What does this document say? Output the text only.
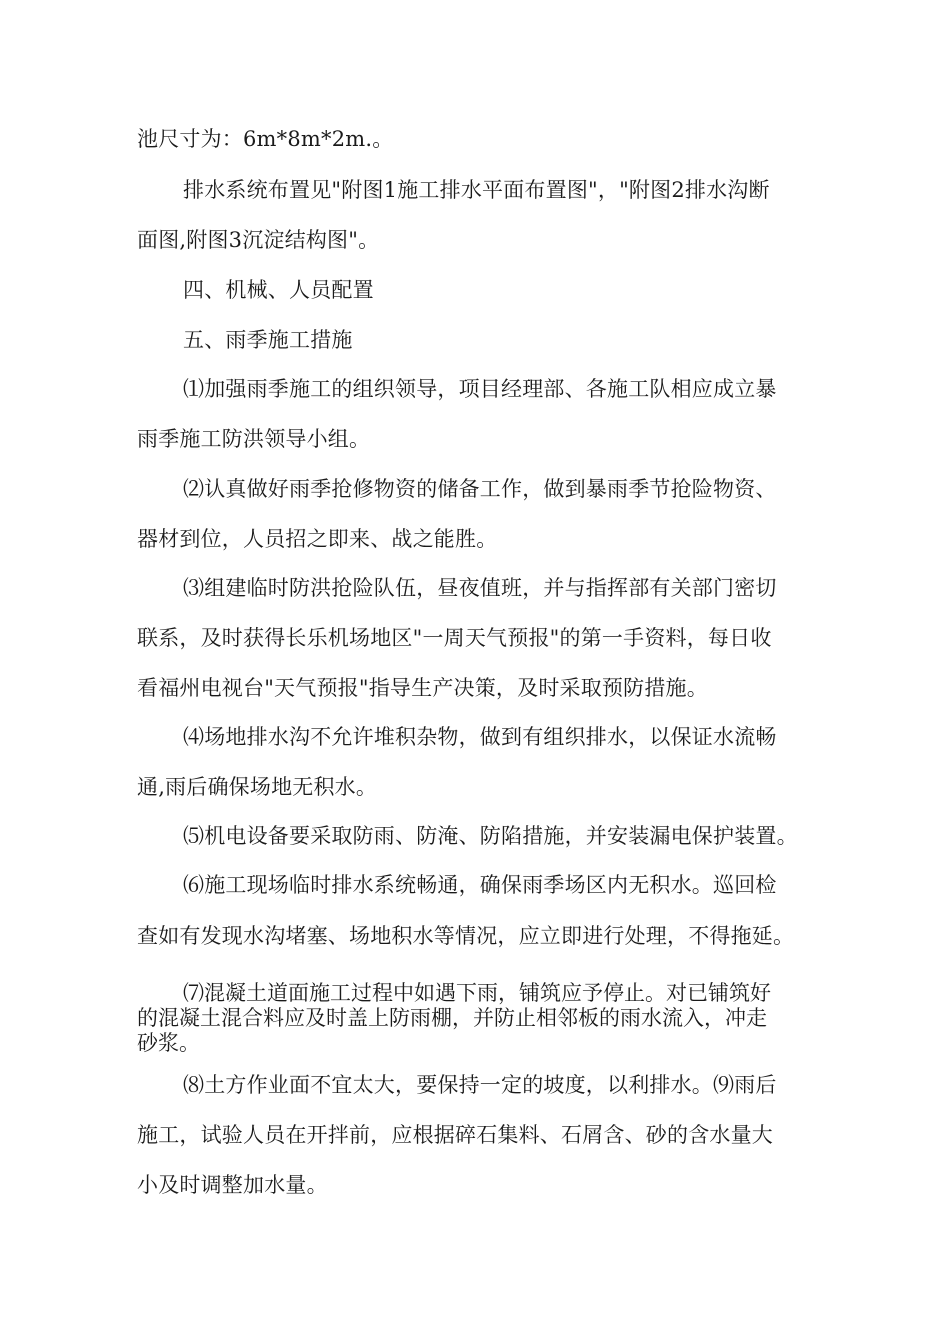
池尺寸为：6m*8m*2m.。
排水系统布置见"附图1施工排水平面布置图"，"附图2排水沟断
面图,附图3沉淀结构图"。
四、机械、人员配置
五、雨季施工措施
⑴加强雨季施工的组织领导，项目经理部、各施工队相应成立暴
雨季施工防洪领导小组。
⑵认真做好雨季抢修物资的储备工作，做到暴雨季节抢险物资、
器材到位，人员招之即来、战之能胜。
⑶组建临时防洪抢险队伍，昼夜值班，并与指挥部有关部门密切
联系，及时获得长乐机场地区"一周天气预报"的第一手资料，每日收
看福州电视台"天气预报"指导生产决策，及时采取预防措施。
⑷场地排水沟不允许堆积杂物，做到有组织排水，以保证水流畅
通,雨后确保场地无积水。
⑸机电设备要采取防雨、防淹、防陷措施，并安装漏电保护装置。
⑹施工现场临时排水系统畅通，确保雨季场区内无积水。巡回检
查如有发现水沟堵塞、场地积水等情况，应立即进行处理，不得拖延。
⑺混凝土道面施工过程中如遇下雨，铺筑应予停止。对已铺筑好
的混凝土混合料应及时盖上防雨棚，并防止相邻板的雨水流入，冲走
砂浆。
⑻土方作业面不宜太大，要保持一定的坡度，以利排水。⑼雨后
施工，试验人员在开拌前，应根据碎石集料、石屑含、砂的含水量大
小及时调整加水量。
